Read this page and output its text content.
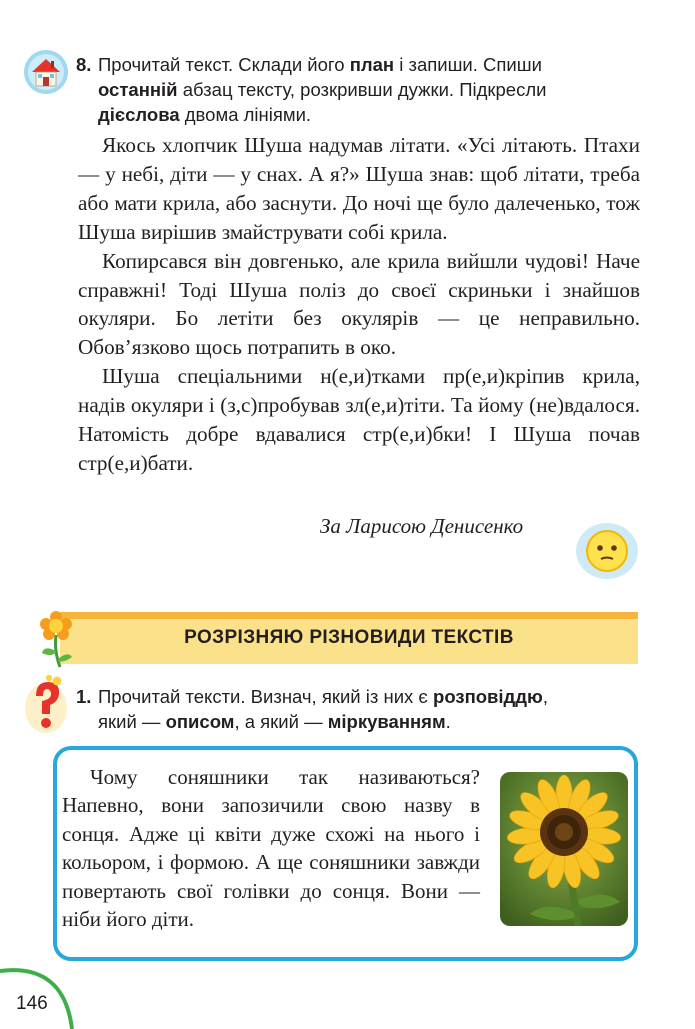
8. Прочитай текст. Склади його план і запиши. Спиши
останній абзац тексту, розкривши дужки. Підкресли
дієслова двома лініями.

Якось хлопчик Шуша надумав літати. «Усі літають. Птахи — у небі, діти — у снах. А я?» Шуша знав: щоб літати, треба або мати крила, або заснути. До ночі ще було далеченько, тож Шуша вирішив змайструвати собі крила.

Копирсався він довгенько, але крила вийшли чудові! Наче справжні! Тоді Шуша поліз до своєї скриньки і знайшов окуляри. Бо летіти без окулярів — це неправильно. Обов’язково щось потрапить в око.

Шуша спеціальними н(е,и)тками пр(е,и)кріпив крила, надів окуляри і (з,с)пробував зл(е,и)тіти. Та йому (не)вдалося. Натомість добре вдавалися стр(е,и)бки! І Шуша почав стр(е,и)бати.

За Ларисою Денисенко
РОЗРІЗНЯЮ РІЗНОВИДИ ТЕКСТІВ
1. Прочитай тексти. Визнач, який із них є розповіддю,
який — описом, а який — міркуванням.

Чому соняшники так називаються? Напевно, вони запозичили свою назву в сонця. Адже ці квіти дуже схожі на нього і кольором, і формою. А ще соняшники завжди повертають свої голівки до сонця. Вони — ніби його діти.

146
